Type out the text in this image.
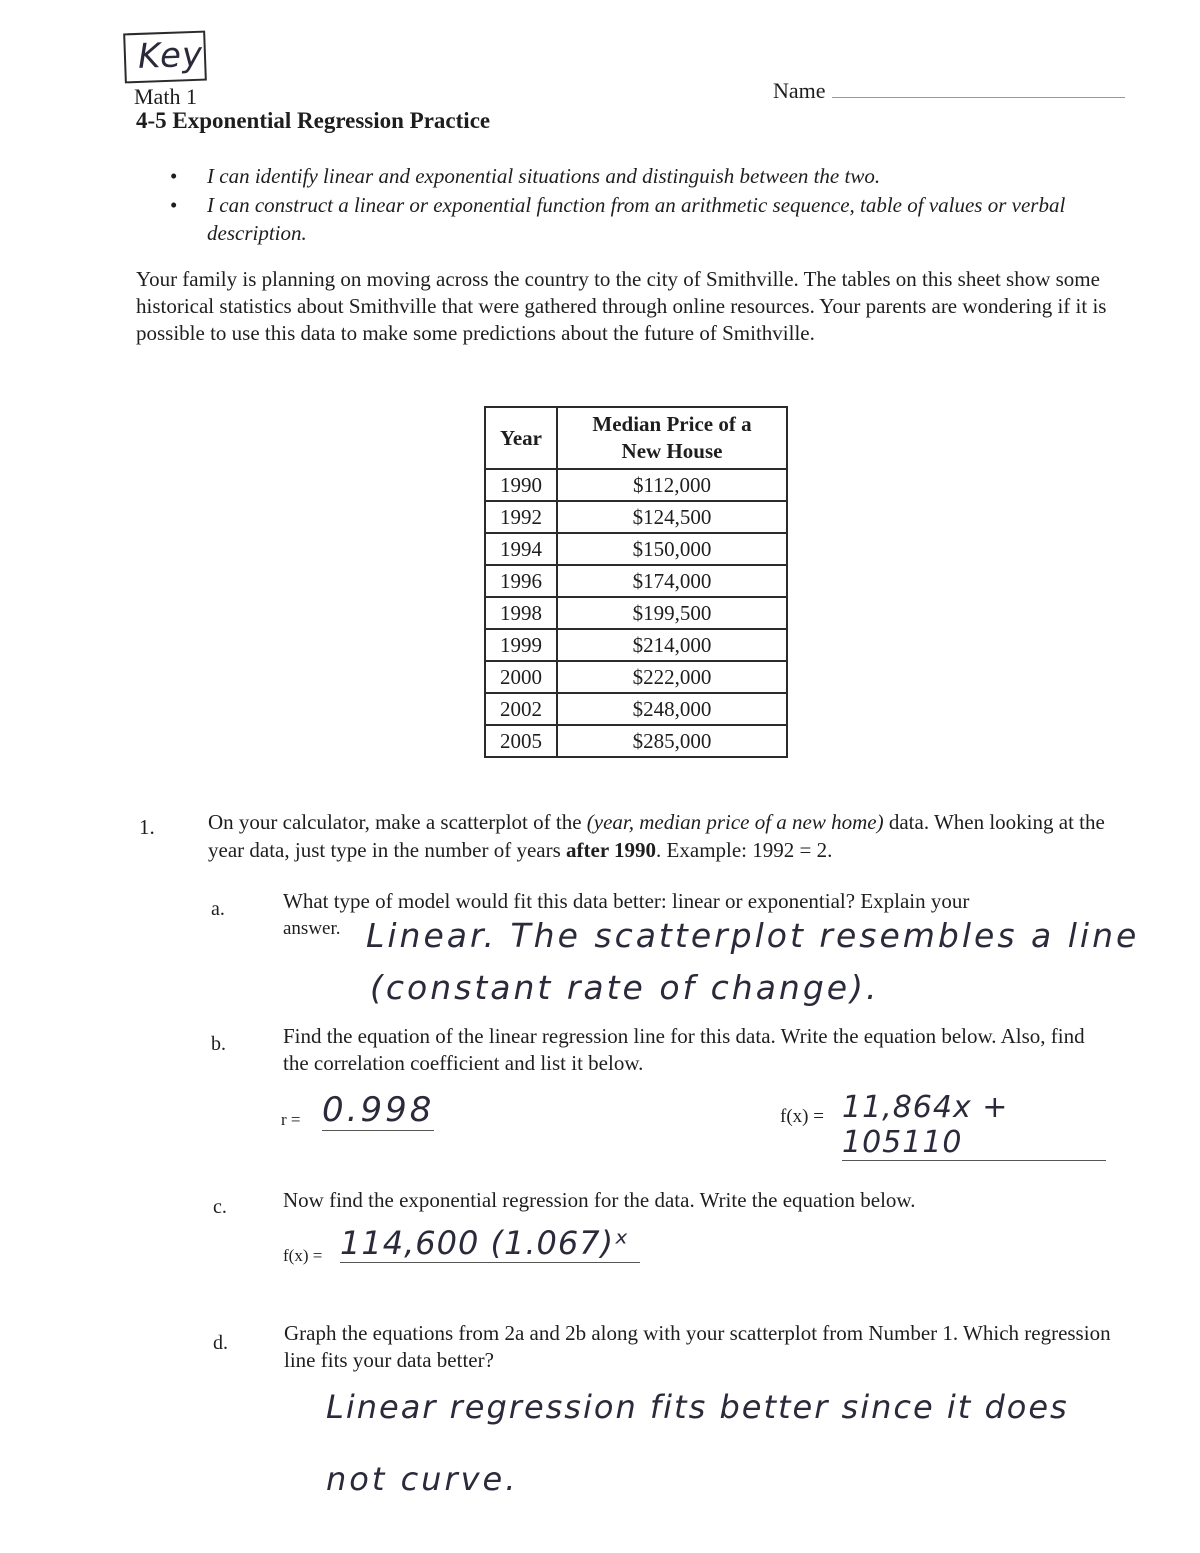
Key
Math 1
4-5 Exponential Regression Practice
Name
• I can identify linear and exponential situations and distinguish between the two.
• I can construct a linear or exponential function from an arithmetic sequence, table of values or verbal description.
Your family is planning on moving across the country to the city of Smithville. The tables on this sheet show some historical statistics about Smithville that were gathered through online resources. Your parents are wondering if it is possible to use this data to make some predictions about the future of Smithville.
Year	Median Price of a New House

1990	$112,000
1992	$124,500
1994	$150,000
1996	$174,000
1998	$199,500
1999	$214,000
2000	$222,000
2002	$248,000
2005	$285,000
1.	On your calculator, make a scatterplot of the (year, median price of a new home) data. When looking at the year data, just type in the number of years after 1990. Example: 1992 = 2.
a.	What type of model would fit this data better: linear or exponential? Explain your
answer. Linear. The scatterplot resembles a line
(constant rate of change).
b.	Find the equation of the linear regression line for this data. Write the equation below. Also, find the correlation coefficient and list it below.
r = 0.998	f(x) = 11,864x + 105110
c.	Now find the exponential regression for the data. Write the equation below.
f(x) = 114,600 (1.067)ˣ
d.	Graph the equations from 2a and 2b along with your scatterplot from Number 1. Which regression line fits your data better?
Linear regression fits better since it does
not curve.
